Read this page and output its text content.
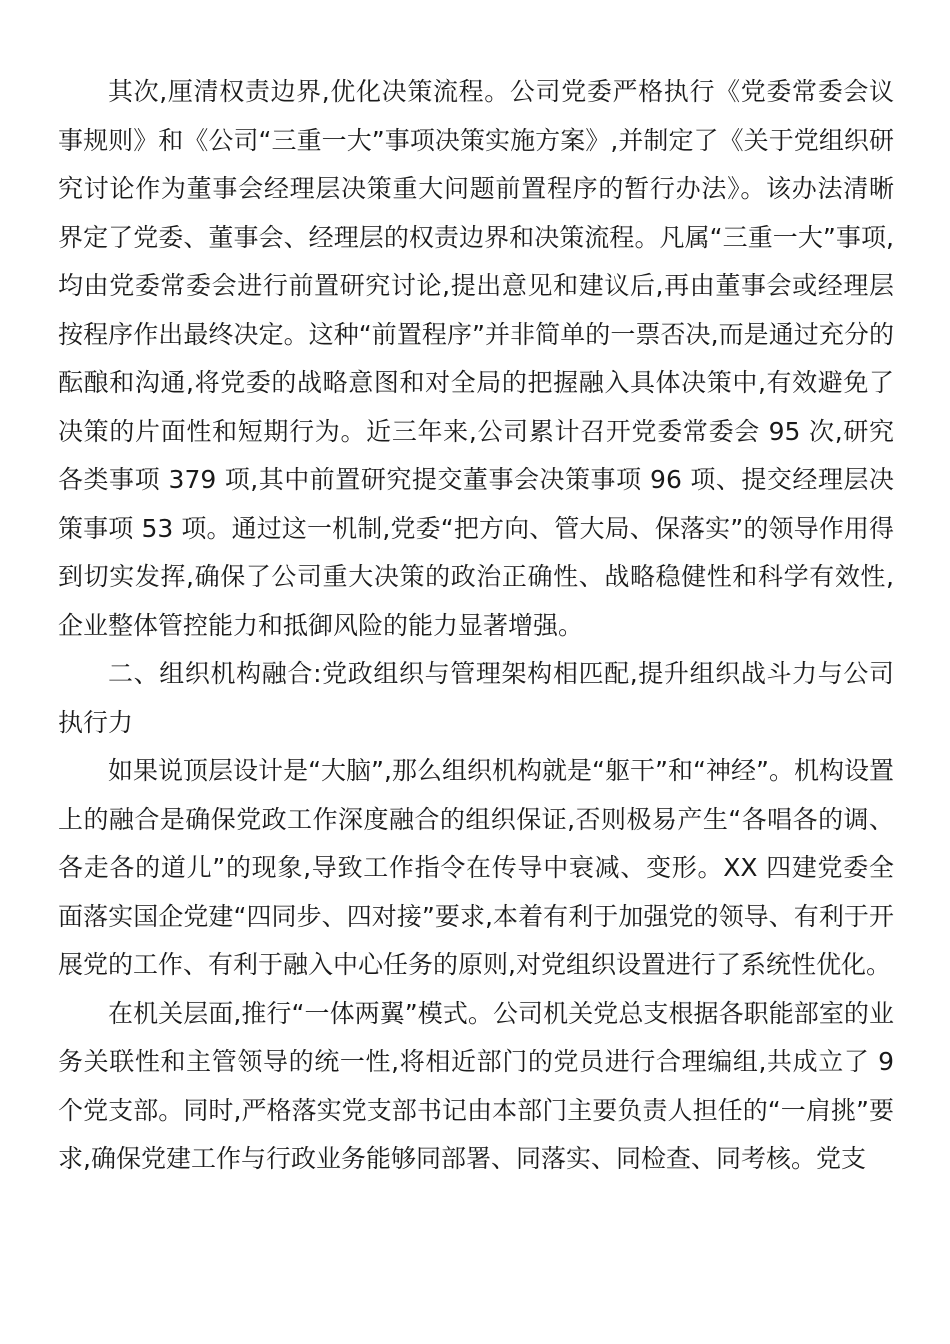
其次,厘清权责边界,优化决策流程。公司党委严格执行《党委常委会议事规则》和《公司“三重一大”事项决策实施方案》,并制定了《关于党组织研究讨论作为董事会经理层决策重大问题前置程序的暂行办法》。该办法清晰界定了党委、董事会、经理层的权责边界和决策流程。凡属“三重一大”事项,均由党委常委会进行前置研究讨论,提出意见和建议后,再由董事会或经理层按程序作出最终决定。这种“前置程序”并非简单的一票否决,而是通过充分的酝酿和沟通,将党委的战略意图和对全局的把握融入具体决策中,有效避免了决策的片面性和短期行为。近三年来,公司累计召开党委常委会 95 次,研究各类事项 379 项,其中前置研究提交董事会决策事项 96 项、提交经理层决策事项 53 项。通过这一机制,党委“把方向、管大局、保落实”的领导作用得到切实发挥,确保了公司重大决策的政治正确性、战略稳健性和科学有效性,企业整体管控能力和抵御风险的能力显著增强。

二、组织机构融合:党政组织与管理架构相匹配,提升组织战斗力与公司执行力

如果说顶层设计是“大脑”,那么组织机构就是“躯干”和“神经”。机构设置上的融合是确保党政工作深度融合的组织保证,否则极易产生“各唱各的调、各走各的道儿”的现象,导致工作指令在传导中衰减、变形。XX 四建党委全面落实国企党建“四同步、四对接”要求,本着有利于加强党的领导、有利于开展党的工作、有利于融入中心任务的原则,对党组织设置进行了系统性优化。

在机关层面,推行“一体两翼”模式。公司机关党总支根据各职能部室的业务关联性和主管领导的统一性,将相近部门的党员进行合理编组,共成立了 9 个党支部。同时,严格落实党支部书记由本部门主要负责人担任的“一肩挑”要求,确保党建工作与行政业务能够同部署、同落实、同检查、同考核。党支
